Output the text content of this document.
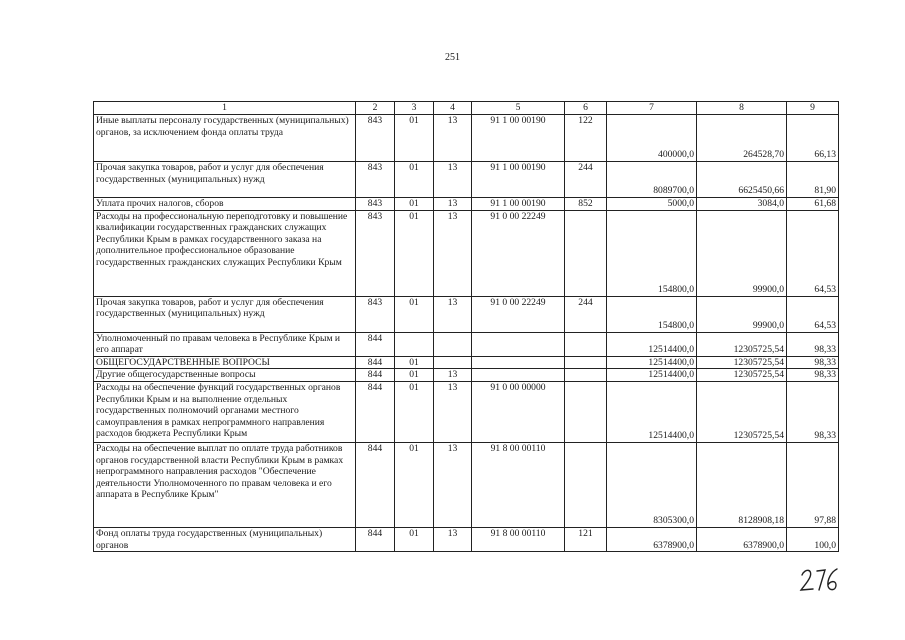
251
1	2	3	4	5	6	7	8	9
Иные выплаты персоналу государственных (муниципальных) органов, за исключением фонда оплаты труда	843	01	13	91 1 00 00190	122	400000,0	264528,70	66,13
Прочая закупка товаров, работ и услуг для обеспечения государственных (муниципальных) нужд	843	01	13	91 1 00 00190	244	8089700,0	6625450,66	81,90
Уплата прочих налогов, сборов	843	01	13	91 1 00 00190	852	5000,0	3084,0	61,68
Расходы на профессиональную переподготовку и повышение квалификации государственных гражданских служащих Республики Крым в рамках государственного заказа на дополнительное профессиональное образование государственных гражданских служащих Республики Крым	843	01	13	91 0 00 22249		154800,0	99900,0	64,53
Прочая закупка товаров, работ и услуг для обеспечения государственных (муниципальных) нужд	843	01	13	91 0 00 22249	244	154800,0	99900,0	64,53
Уполномоченный по правам человека в Республике Крым и его аппарат	844					12514400,0	12305725,54	98,33
ОБЩЕГОСУДАРСТВЕННЫЕ ВОПРОСЫ	844	01				12514400,0	12305725,54	98,33
Другие общегосударственные вопросы	844	01	13			12514400,0	12305725,54	98,33
Расходы на обеспечение функций государственных органов Республики Крым и на выполнение отдельных государственных полномочий органами местного самоуправления в рамках непрограммного направления расходов бюджета Республики Крым	844	01	13	91 0 00 00000		12514400,0	12305725,54	98,33
Расходы на обеспечение выплат по оплате труда работников органов государственной власти Республики Крым в рамках непрограммного направления расходов "Обеспечение деятельности Уполномоченного по правам человека и его аппарата в Республике Крым"	844	01	13	91 8 00 00110		8305300,0	8128908,18	97,88
Фонд оплаты труда государственных (муниципальных) органов	844	01	13	91 8 00 00110	121	6378900,0	6378900,0	100,0
